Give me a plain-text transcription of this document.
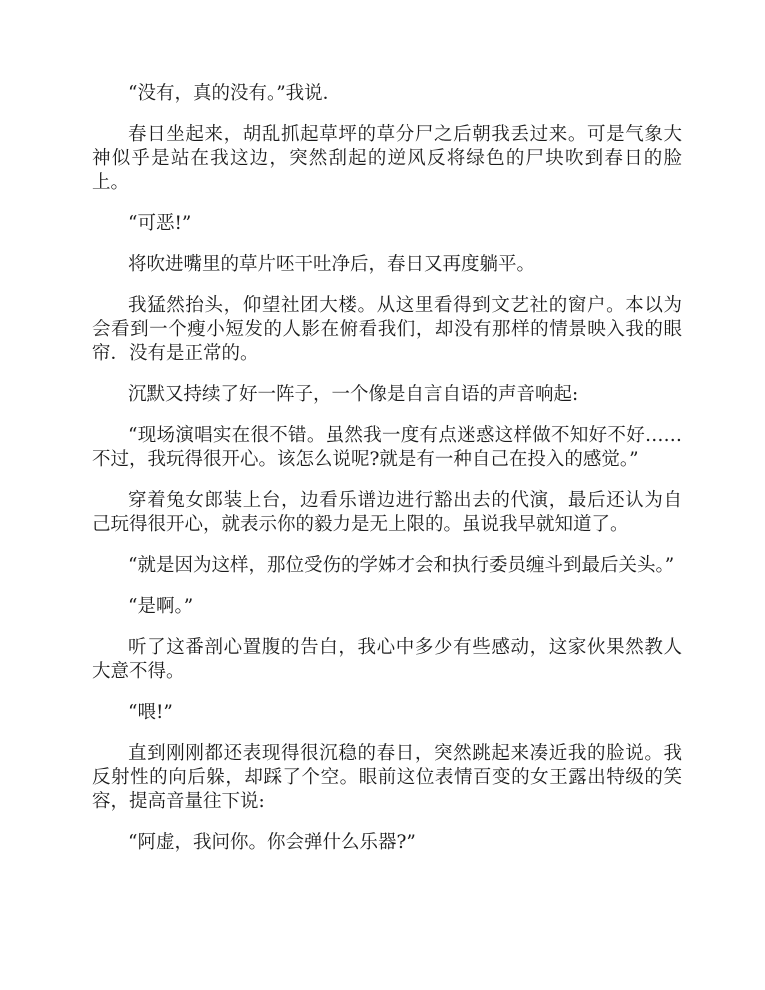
“没有，真的没有。”我说．

春日坐起来，胡乱抓起草坪的草分尸之后朝我丢过来。可是气象大神似乎是站在我这边，突然刮起的逆风反将绿色的尸块吹到春日的脸上。

“可恶!”

将吹进嘴里的草片呸干吐净后，春日又再度躺平。

我猛然抬头，仰望社团大楼。从这里看得到文艺社的窗户。本以为会看到一个瘦小短发的人影在俯看我们，却没有那样的情景映入我的眼帘．没有是正常的。

沉默又持续了好一阵子，一个像是自言自语的声音响起:

“现场演唱实在很不错。虽然我一度有点迷惑这样做不知好不好……不过，我玩得很开心。该怎么说呢?就是有一种自己在投入的感觉。”

穿着兔女郎装上台，边看乐谱边进行豁出去的代演，最后还认为自己玩得很开心，就表示你的毅力是无上限的。虽说我早就知道了。

“就是因为这样，那位受伤的学姊才会和执行委员缠斗到最后关头。”

“是啊。”

听了这番剖心置腹的告白，我心中多少有些感动，这家伙果然教人大意不得。

“喂!”

直到刚刚都还表现得很沉稳的春日，突然跳起来凑近我的脸说。我反射性的向后躲，却踩了个空。眼前这位表情百变的女王露出特级的笑容，提高音量往下说:

“阿虚，我问你。你会弹什么乐器?”
